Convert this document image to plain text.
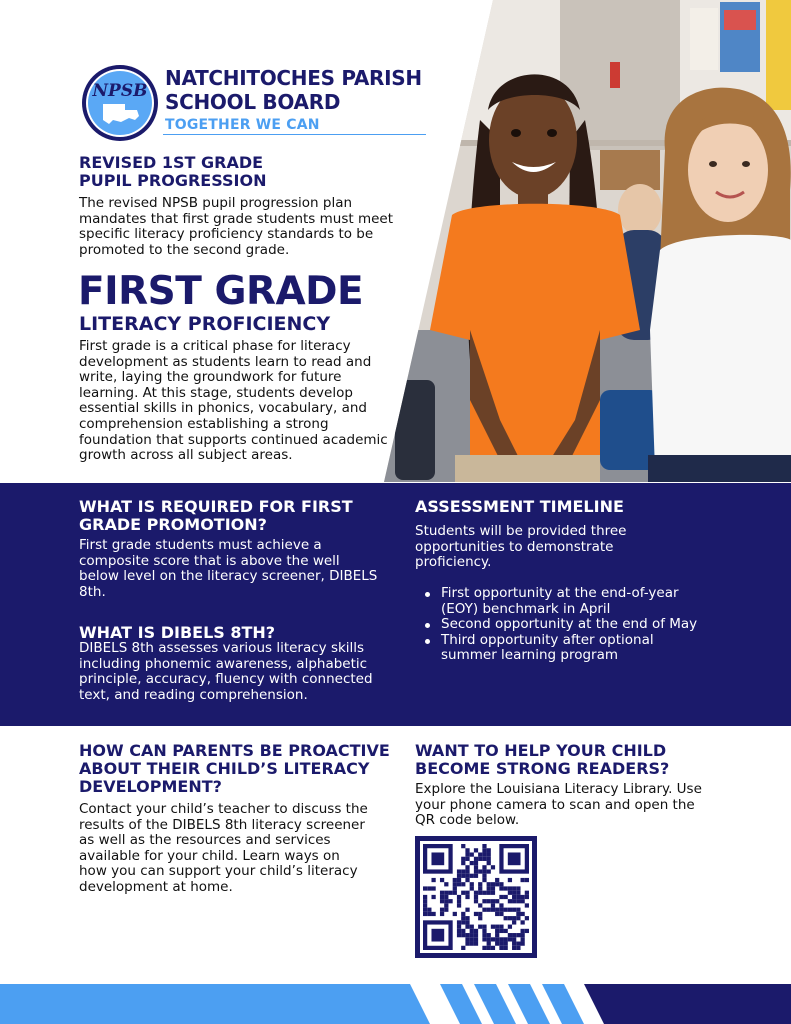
NPSB
NATCHITOCHES PARISH
SCHOOL BOARD
TOGETHER WE CAN
REVISED 1ST GRADE
PUPIL PROGRESSION
The revised NPSB pupil progression plan mandates that first grade students must meet specific literacy proficiency standards to be promoted to the second grade.
FIRST GRADE
LITERACY PROFICIENCY
First grade is a critical phase for literacy development as students learn to read and write, laying the groundwork for future learning. At this stage, students develop essential skills in phonics, vocabulary, and comprehension establishing a strong foundation that supports continued academic growth across all subject areas.
WHAT IS REQUIRED FOR FIRST GRADE PROMOTION?
First grade students must achieve a composite score that is above the well below level on the literacy screener, DIBELS 8th.
WHAT IS DIBELS 8TH?
DIBELS 8th assesses various literacy skills including phonemic awareness, alphabetic principle, accuracy, fluency with connected text, and reading comprehension.
ASSESSMENT TIMELINE
Students will be provided three opportunities to demonstrate proficiency.
First opportunity at the end-of-year (EOY) benchmark in April
Second opportunity at the end of May
Third opportunity after optional summer learning program
HOW CAN PARENTS BE PROACTIVE ABOUT THEIR CHILD’S LITERACY DEVELOPMENT?
Contact your child’s teacher to discuss the results of the DIBELS 8th literacy screener as well as the resources and services available for your child. Learn ways on how you can support your child’s literacy development at home.
WANT TO HELP YOUR CHILD BECOME STRONG READERS?
Explore the Louisiana Literacy Library. Use your phone camera to scan and open the QR code below.
